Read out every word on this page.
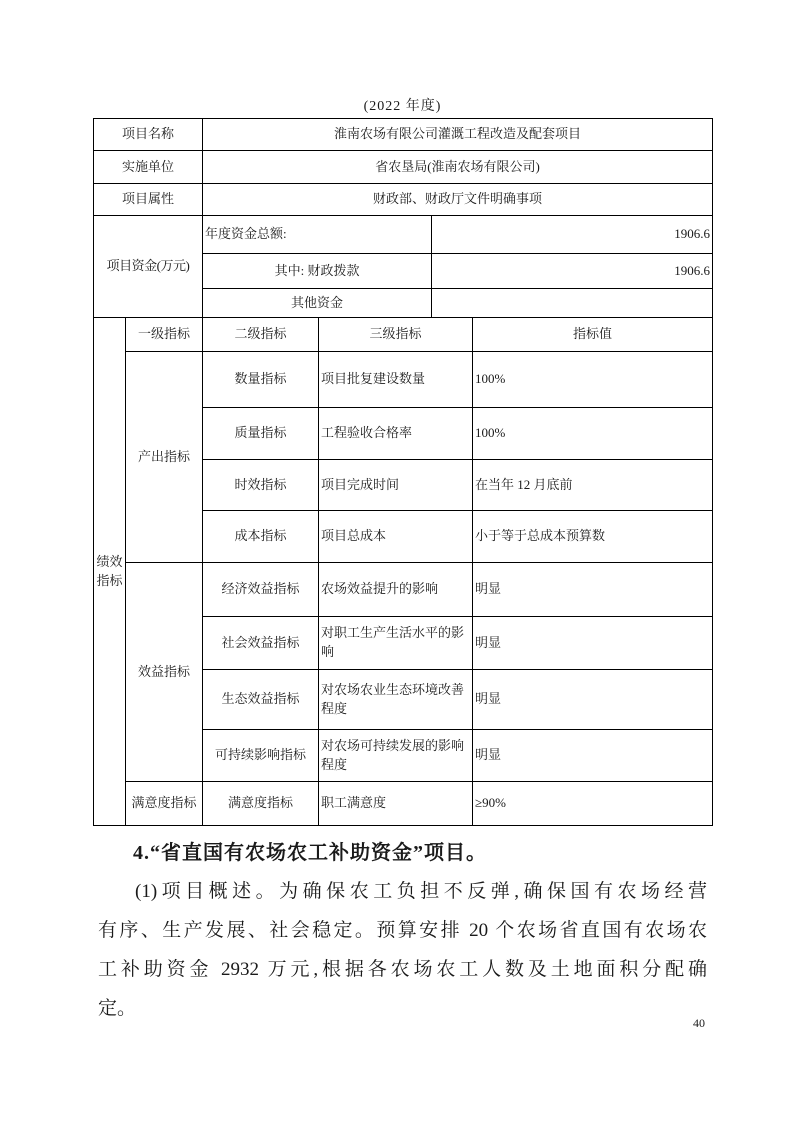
(2022 年度)
项目名称		淮南农场有限公司灌溉工程改造及配套项目			
实施单位		省农垦局(淮南农场有限公司)			
项目属性		财政部、财政厅文件明确事项			
项目资金(万元)		年度资金总额:		1906.6	
		其中: 财政拨款		1906.6	
		其他资金			
绩效指标	一级指标	二级指标	三级指标		指标值
	产出指标	数量指标	项目批复建设数量		100%
		质量指标	工程验收合格率		100%
		时效指标	项目完成时间		在当年 12 月底前
		成本指标	项目总成本		小于等于总成本预算数
	效益指标	经济效益指标	农场效益提升的影响		明显
		社会效益指标	对职工生产生活水平的影响		明显
		生态效益指标	对农场农业生态环境改善程度		明显
		可持续影响指标	对农场可持续发展的影响程度		明显
	满意度指标	满意度指标	职工满意度		≥90%
4.“省直国有农场农工补助资金”项目。
(1)项目概述。为确保农工负担不反弹,确保国有农场经营
有序、生产发展、社会稳定。预算安排 20 个农场省直国有农场农
工补助资金 2932 万元,根据各农场农工人数及土地面积分配确
定。
40
